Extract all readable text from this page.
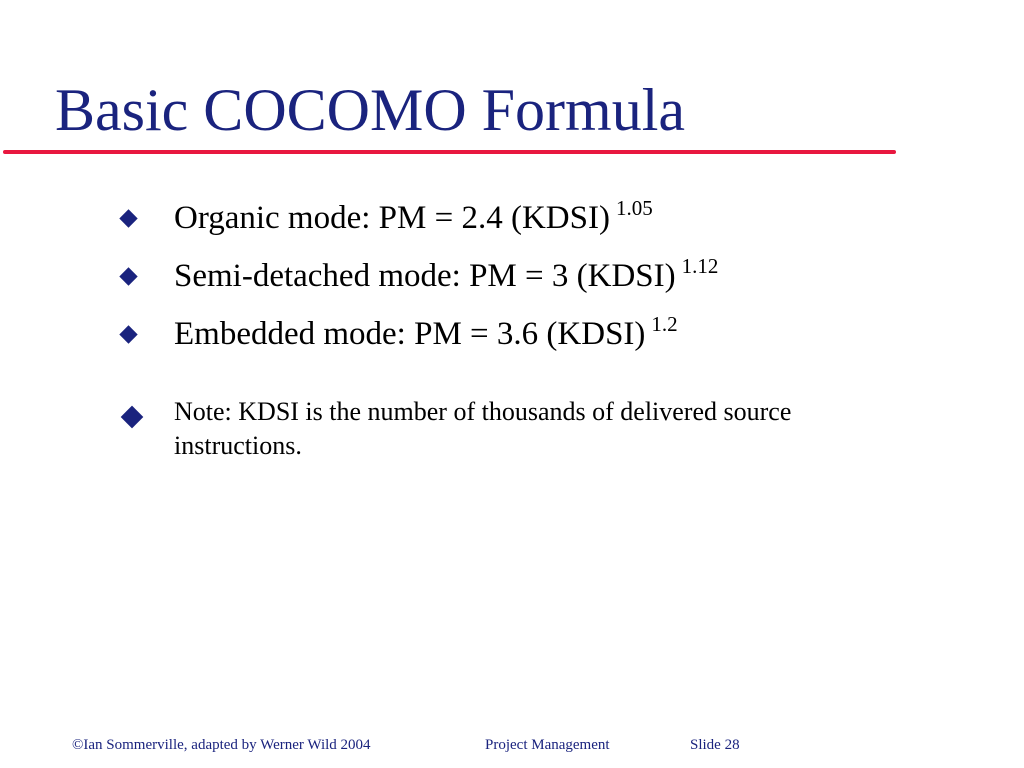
Basic COCOMO Formula
Organic mode: PM = 2.4 (KDSI) $^{1.05}$
Semi-detached mode: PM = 3 (KDSI) $^{1.12}$
Embedded mode: PM = 3.6 (KDSI) $^{1.2}$
Note: KDSI is the number of thousands of delivered source instructions.
©Ian Sommerville, adapted by Werner Wild 2004	Project Management	Slide 28
